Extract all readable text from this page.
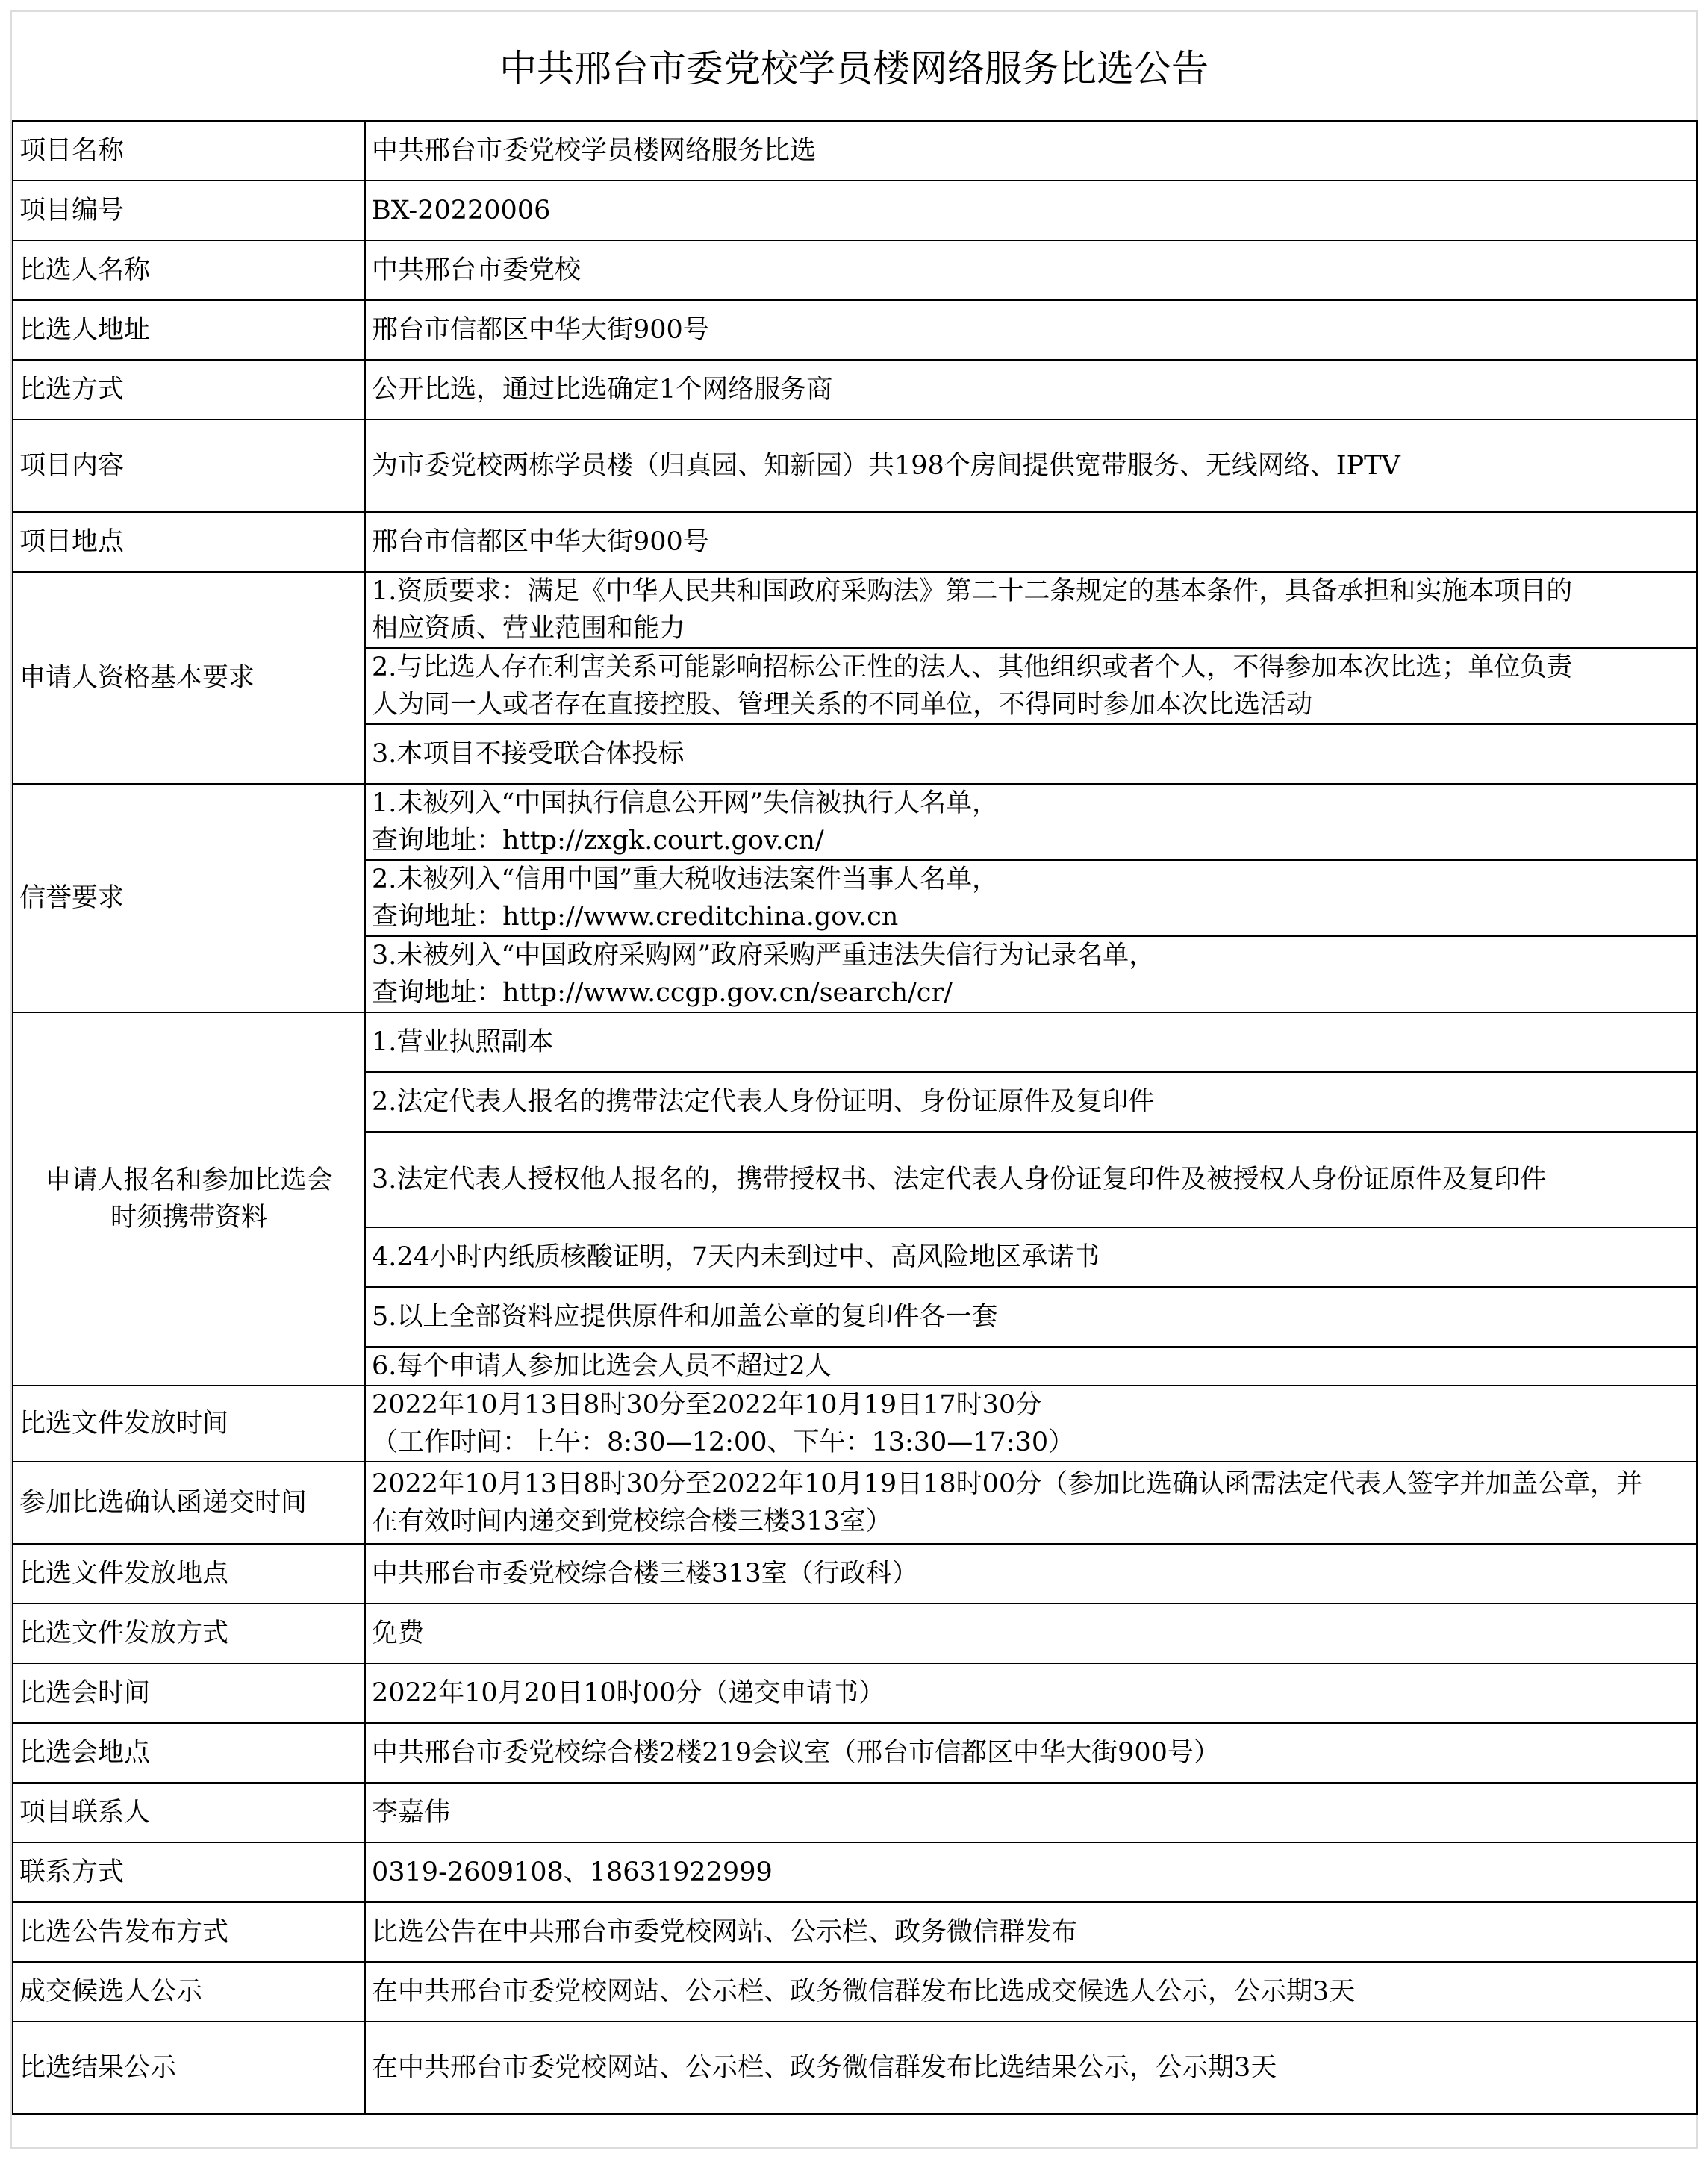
中共邢台市委党校学员楼网络服务比选公告
项目名称	中共邢台市委党校学员楼网络服务比选
项目编号	BX-20220006
比选人名称	中共邢台市委党校
比选人地址	邢台市信都区中华大街900号
比选方式	公开比选，通过比选确定1个网络服务商
项目内容	为市委党校两栋学员楼（归真园、知新园）共198个房间提供宽带服务、无线网络、IPTV
项目地点	邢台市信都区中华大街900号
申请人资格基本要求	1.资质要求：满足《中华人民共和国政府采购法》第二十二条规定的基本条件，具备承担和实施本项目的
相应资质、营业范围和能力

	2.与比选人存在利害关系可能影响招标公正性的法人、其他组织或者个人，不得参加本次比选；单位负责
人为同一人或者存在直接控股、管理关系的不同单位，不得同时参加本次比选活动

	3.本项目不接受联合体投标

信誉要求	1.未被列入“中国执行信息公开网”失信被执行人名单，
查询地址：http://zxgk.court.gov.cn/

	2.未被列入“信用中国”重大税收违法案件当事人名单，
查询地址：http://www.creditchina.gov.cn

	3.未被列入“中国政府采购网”政府采购严重违法失信行为记录名单，
查询地址：http://www.ccgp.gov.cn/search/cr/

申请人报名和参加比选会
时须携带资料	1.营业执照副本
	2.法定代表人报名的携带法定代表人身份证明、身份证原件及复印件
	3.法定代表人授权他人报名的，携带授权书、法定代表人身份证复印件及被授权人身份证原件及复印件
	4.24小时内纸质核酸证明，7天内未到过中、高风险地区承诺书
	5.以上全部资料应提供原件和加盖公章的复印件各一套
	6.每个申请人参加比选会人员不超过2人
比选文件发放时间	2022年10月13日8时30分至2022年10月19日17时30分
（工作时间：上午：8:30—12:00、下午：13:30—17:30）

参加比选确认函递交时间	2022年10月13日8时30分至2022年10月19日18时00分（参加比选确认函需法定代表人签字并加盖公章，并
在有效时间内递交到党校综合楼三楼313室）

比选文件发放地点	中共邢台市委党校综合楼三楼313室（行政科）
比选文件发放方式	免费
比选会时间	2022年10月20日10时00分（递交申请书）
比选会地点	中共邢台市委党校综合楼2楼219会议室（邢台市信都区中华大街900号）
项目联系人	李嘉伟
联系方式	0319-2609108、18631922999
比选公告发布方式	比选公告在中共邢台市委党校网站、公示栏、政务微信群发布
成交候选人公示	在中共邢台市委党校网站、公示栏、政务微信群发布比选成交候选人公示，公示期3天
比选结果公示	在中共邢台市委党校网站、公示栏、政务微信群发布比选结果公示，公示期3天
